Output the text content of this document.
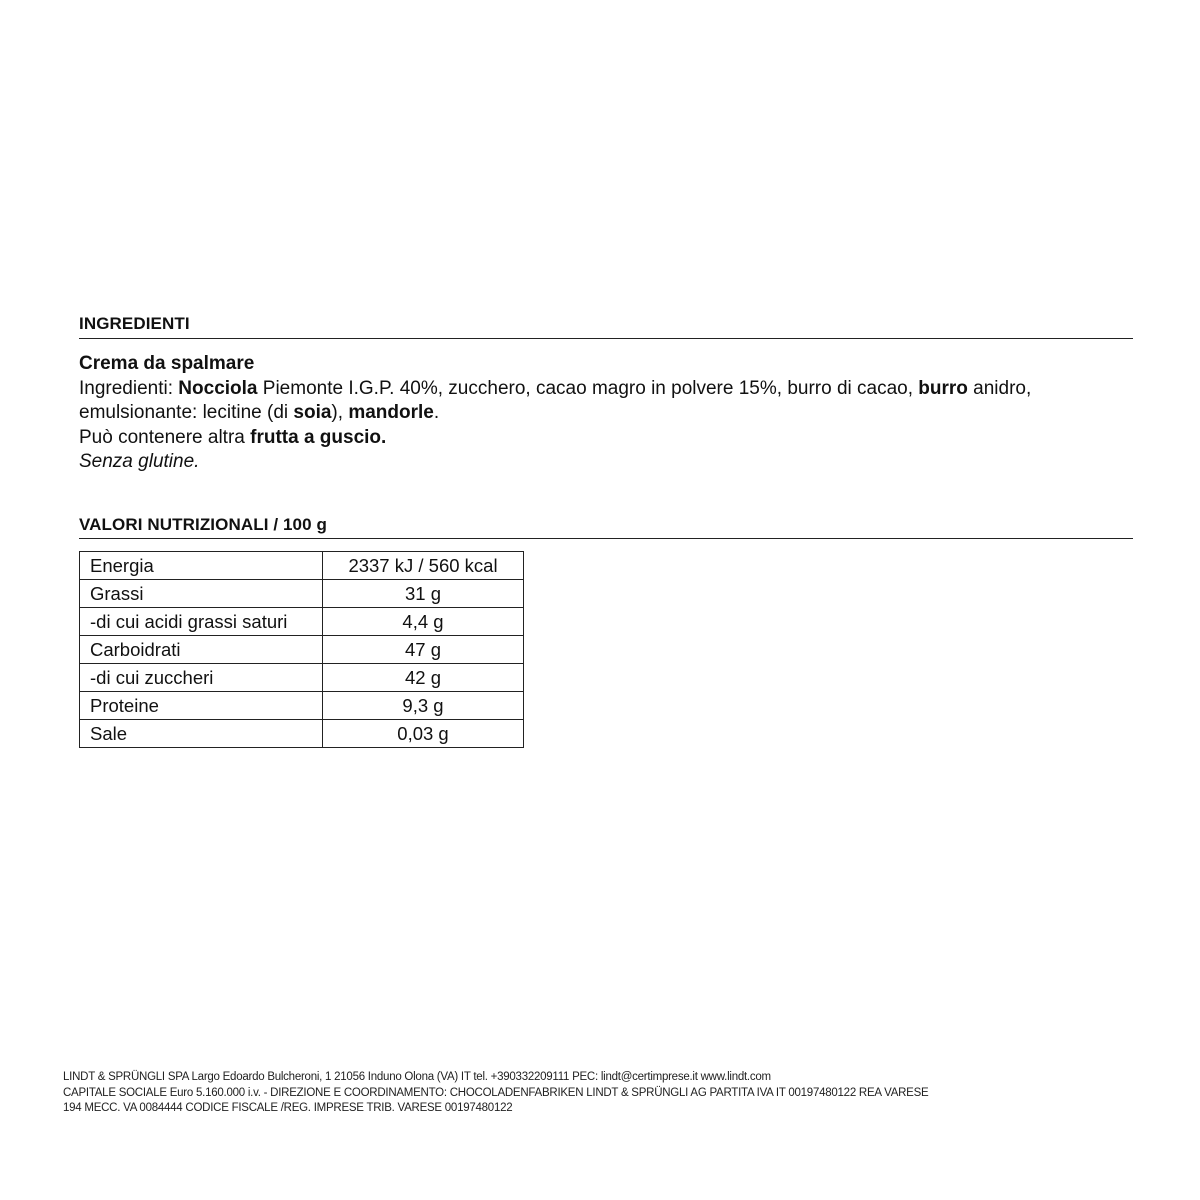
INGREDIENTI
Crema da spalmare
Ingredienti: Nocciola Piemonte I.G.P. 40%, zucchero, cacao magro in polvere 15%, burro di cacao, burro anidro, emulsionante: lecitine (di soia), mandorle.
Può contenere altra frutta a guscio.
Senza glutine.
VALORI NUTRIZIONALI / 100 g
Energia	2337 kJ / 560 kcal
Grassi	31 g
-di cui acidi grassi saturi	4,4 g
Carboidrati	47 g
-di cui zuccheri	42 g
Proteine	9,3 g
Sale	0,03 g
LINDT & SPRÜNGLI SPA Largo Edoardo Bulcheroni, 1 21056 Induno Olona (VA) IT tel. +390332209111 PEC: lindt@certimprese.it www.lindt.com
CAPITALE SOCIALE Euro 5.160.000 i.v. - DIREZIONE E COORDINAMENTO: CHOCOLADENFABRIKEN LINDT & SPRÜNGLI AG PARTITA IVA IT 00197480122 REA VARESE
194 MECC. VA 0084444 CODICE FISCALE /REG. IMPRESE TRIB. VARESE 00197480122
